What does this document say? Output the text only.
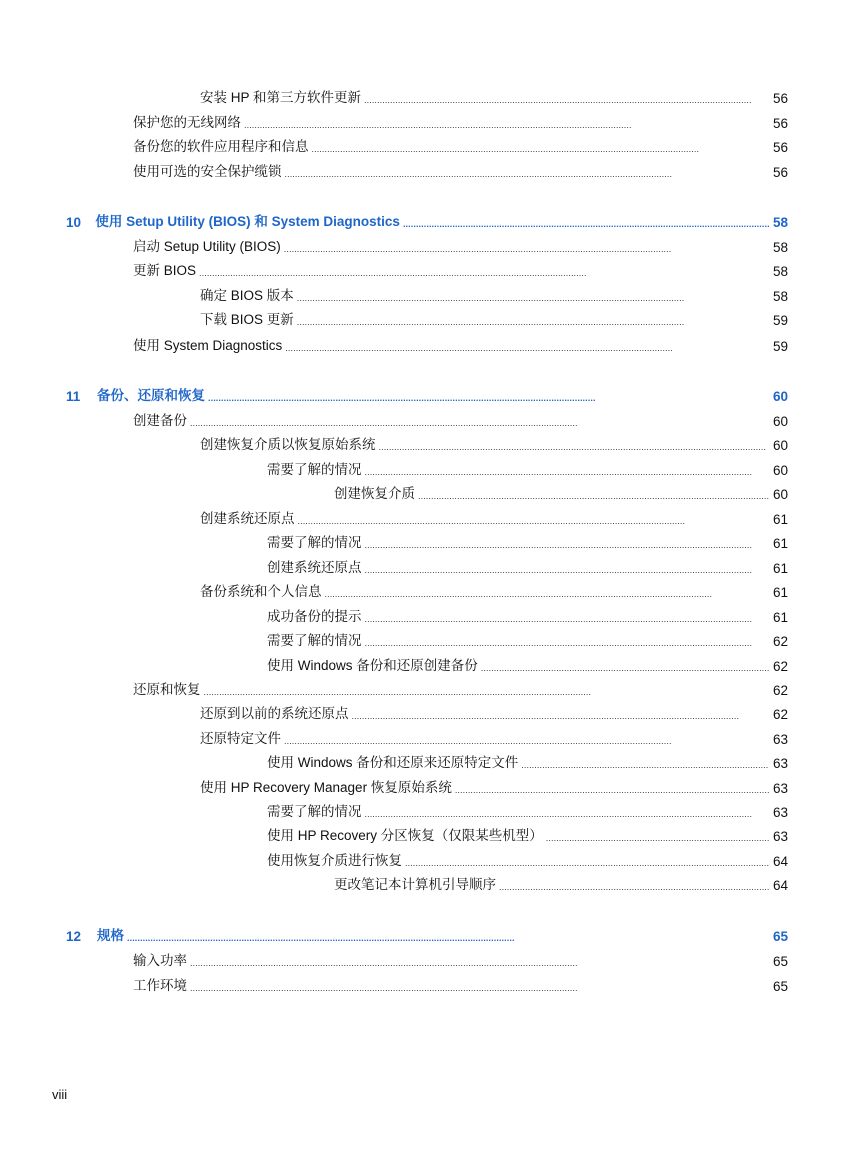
安装 HP 和第三方软件更新 . . .	56
保护您的无线网络 . . .	56
备份您的软件应用程序和信息 . . .	56
使用可选的安全保护缆锁 . . .	56
10	使用 Setup Utility (BIOS) 和 System Diagnostics . . .	58
启动 Setup Utility (BIOS) . . .	58
更新 BIOS . . .	58
确定 BIOS 版本 . . .	58
下载 BIOS 更新 . . .	59
使用 System Diagnostics . . .	59
11	备份、还原和恢复 . . .	60
创建备份 . . .	60
创建恢复介质以恢复原始系统 . . .	60
需要了解的情况 . . .	60
创建恢复介质 . . .	60
创建系统还原点 . . .	61
需要了解的情况 . . .	61
创建系统还原点 . . .	61
备份系统和个人信息 . . .	61
成功备份的提示 . . .	61
需要了解的情况 . . .	62
使用 Windows 备份和还原创建备份 . . .	62
还原和恢复 . . .	62
还原到以前的系统还原点 . . .	62
还原特定文件 . . .	63
使用 Windows 备份和还原来还原特定文件 . . .	63
使用 HP Recovery Manager 恢复原始系统 . . .	63
需要了解的情况 . . .	63
使用 HP Recovery 分区恢复（仅限某些机型） . . .	63
使用恢复介质进行恢复 . . .	64
更改笔记本计算机引导顺序 . . .	64
12	规格 . . .	65
输入功率 . . .	65
工作环境 . . .	65
viii
